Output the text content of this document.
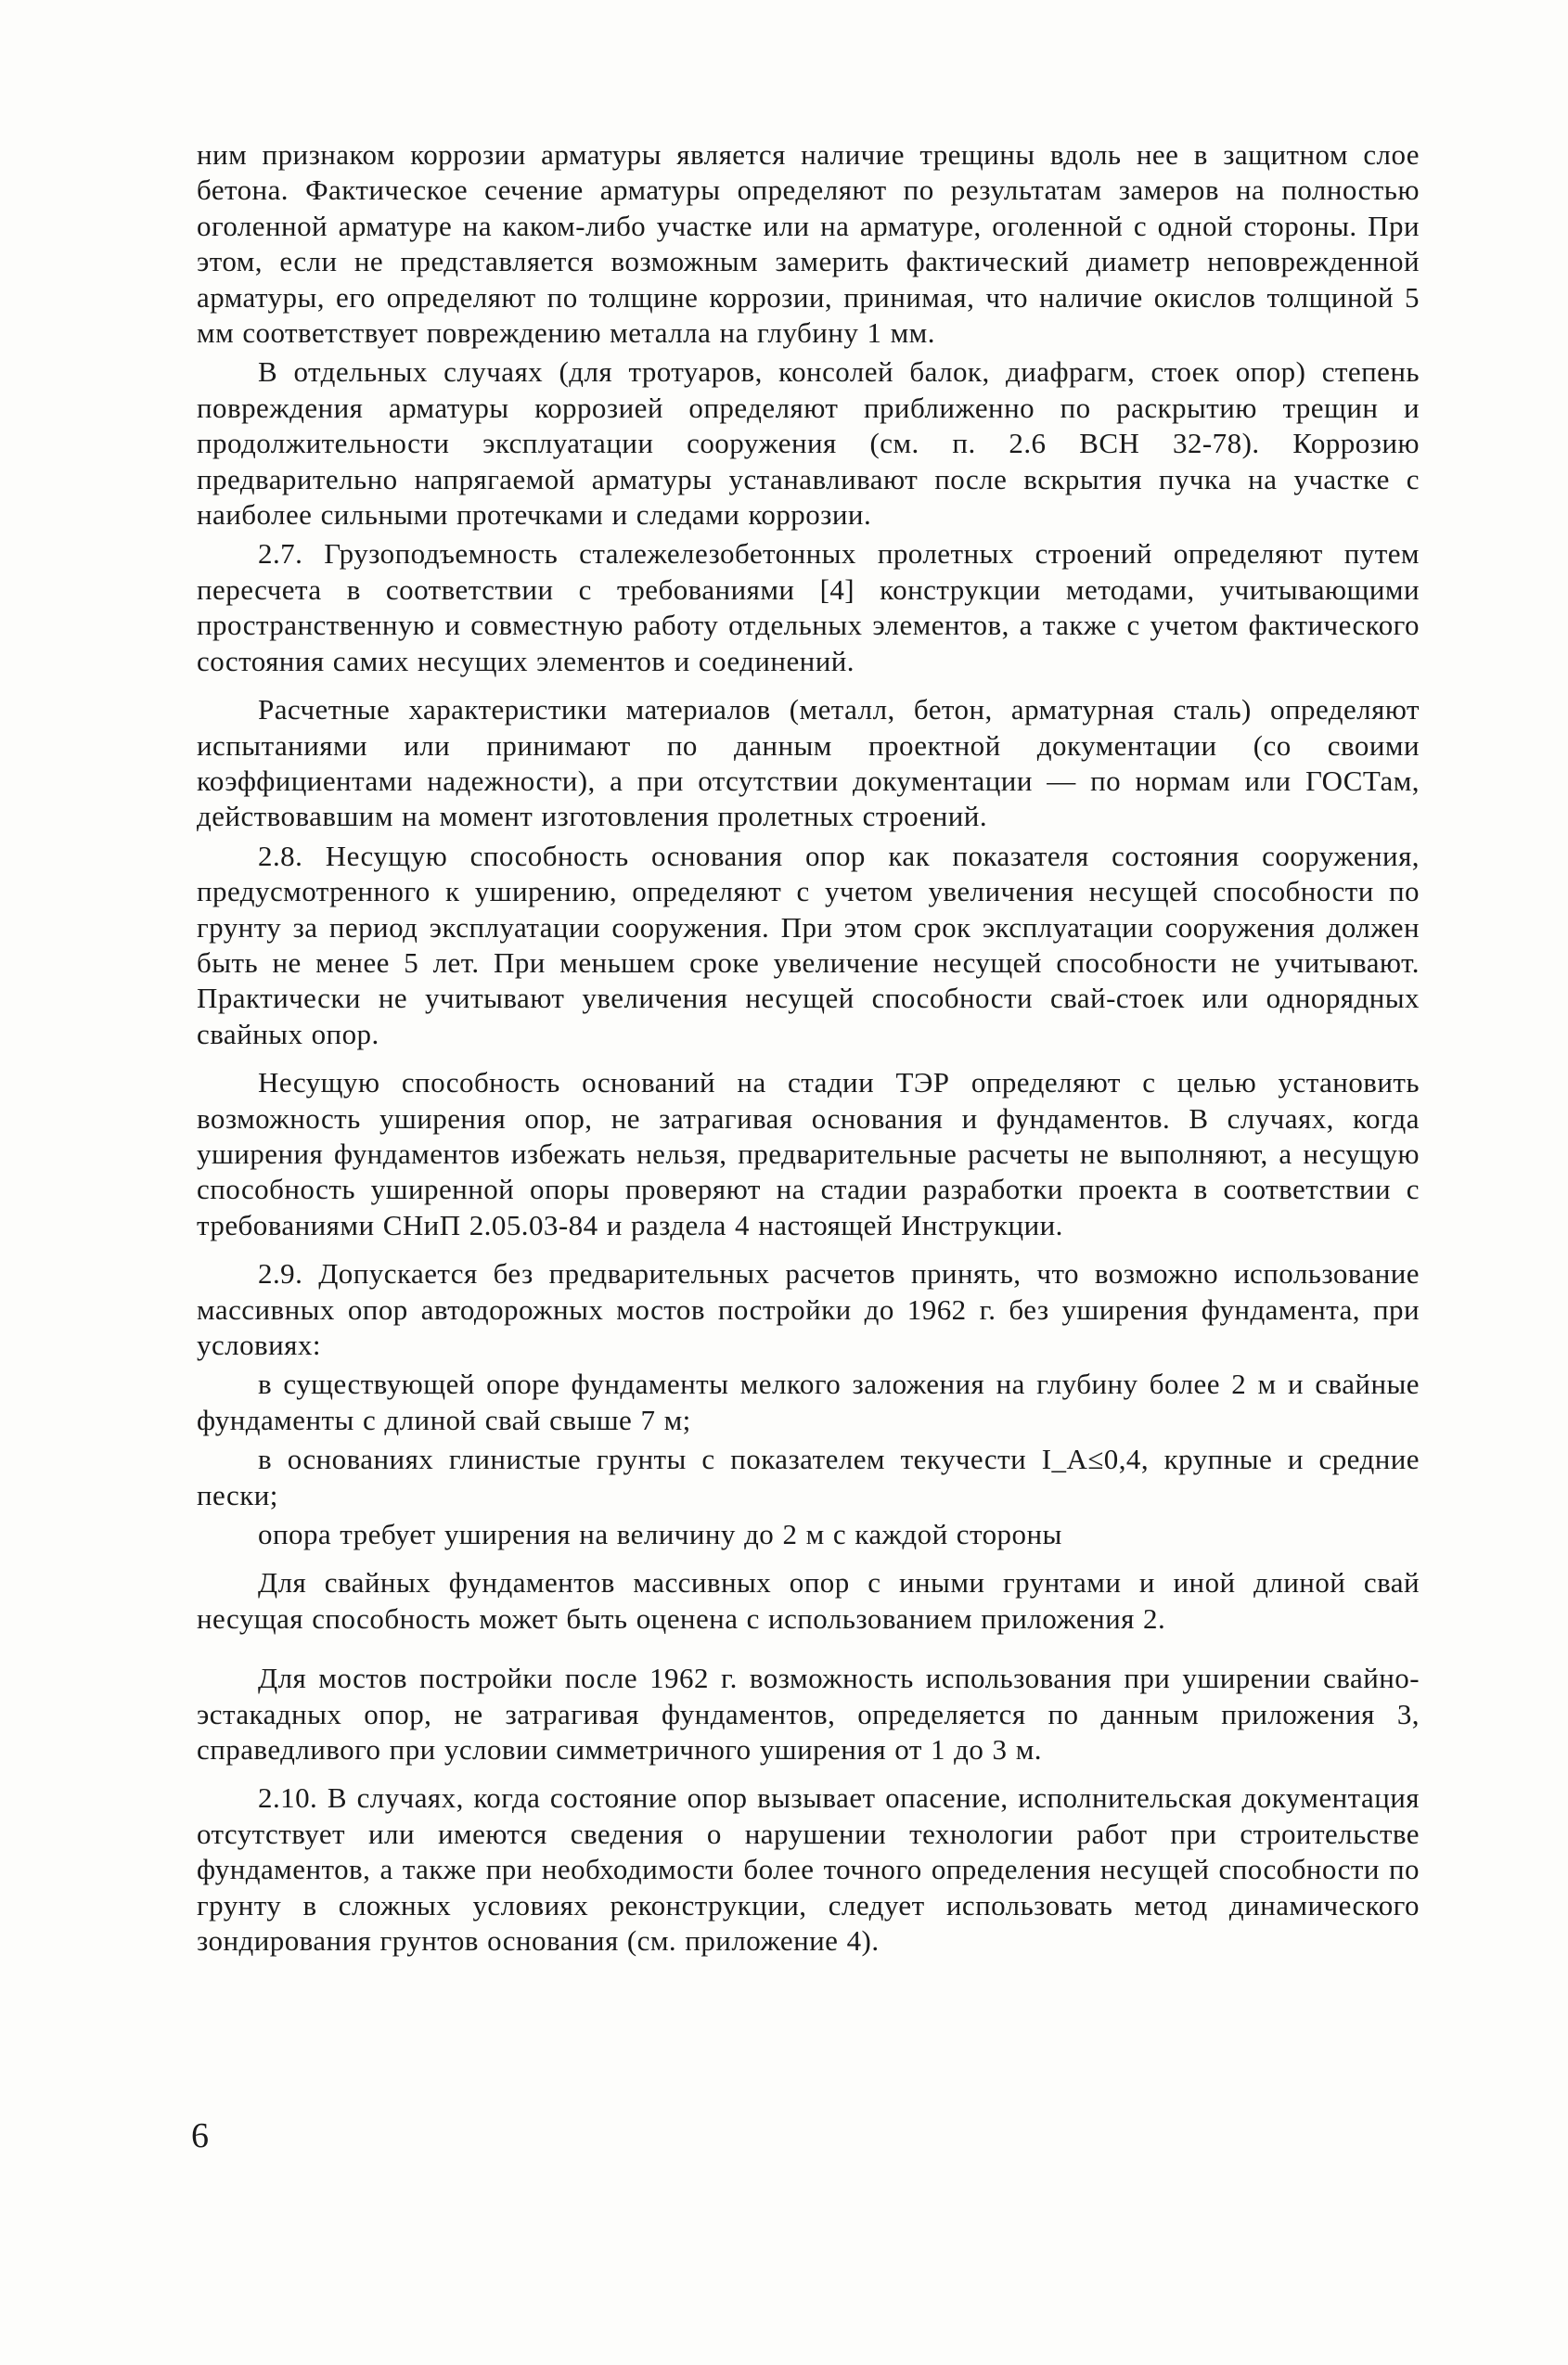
ним признаком коррозии арматуры является наличие трещины вдоль нее в защитном слое бетона. Фактическое сечение арматуры определяют по результатам замеров на полностью оголенной арматуре на каком-либо участке или на арматуре, оголенной с одной стороны. При этом, если не представляется возможным замерить фактический диаметр неповрежденной арматуры, его определяют по толщине коррозии, принимая, что наличие окислов толщиной 5 мм соответствует повреждению металла на глубину 1 мм.

В отдельных случаях (для тротуаров, консолей балок, диафрагм, стоек опор) степень повреждения арматуры коррозией определяют приближенно по раскрытию трещин и продолжительности эксплуатации сооружения (см. п. 2.6 ВСН 32-78). Коррозию предварительно напрягаемой арматуры устанавливают после вскрытия пучка на участке с наиболее сильными протечками и следами коррозии.

2.7. Грузоподъемность сталежелезобетонных пролетных строений определяют путем пересчета в соответствии с требованиями [4] конструкции методами, учитывающими пространственную и совместную работу отдельных элементов, а также с учетом фактического состояния самих несущих элементов и соединений.

Расчетные характеристики материалов (металл, бетон, арматурная сталь) определяют испытаниями или принимают по данным проектной документации (со своими коэффициентами надежности), а при отсутствии документации — по нормам или ГОСТам, действовавшим на момент изготовления пролетных строений.

2.8. Несущую способность основания опор как показателя состояния сооружения, предусмотренного к уширению, определяют с учетом увеличения несущей способности по грунту за период эксплуатации сооружения. При этом срок эксплуатации сооружения должен быть не менее 5 лет. При меньшем сроке увеличение несущей способности не учитывают. Практически не учитывают увеличения несущей способности свай-стоек или однорядных свайных опор.

Несущую способность оснований на стадии ТЭР определяют с целью установить возможность уширения опор, не затрагивая основания и фундаментов. В случаях, когда уширения фундаментов избежать нельзя, предварительные расчеты не выполняют, а несущую способность уширенной опоры проверяют на стадии разработки проекта в соответствии с требованиями СНиП 2.05.03-84 и раздела 4 настоящей Инструкции.

2.9. Допускается без предварительных расчетов принять, что возможно использование массивных опор автодорожных мостов постройки до 1962 г. без уширения фундамента, при условиях:

в существующей опоре фундаменты мелкого заложения на глубину более 2 м и свайные фундаменты с длиной свай свыше 7 м;

в основаниях глинистые грунты с показателем текучести I_A≤0,4, крупные и средние пески;

опора требует уширения на величину до 2 м с каждой стороны

Для свайных фундаментов массивных опор с иными грунтами и иной длиной свай несущая способность может быть оценена с использованием приложения 2.

Для мостов постройки после 1962 г. возможность использования при уширении свайно-эстакадных опор, не затрагивая фундаментов, определяется по данным приложения 3, справедливого при условии симметричного уширения от 1 до 3 м.

2.10. В случаях, когда состояние опор вызывает опасение, исполнительская документация отсутствует или имеются сведения о нарушении технологии работ при строительстве фундаментов, а также при необходимости более точного определения несущей способности по грунту в сложных условиях реконструкции, следует использовать метод динамического зондирования грунтов основания (см. приложение 4).

6
